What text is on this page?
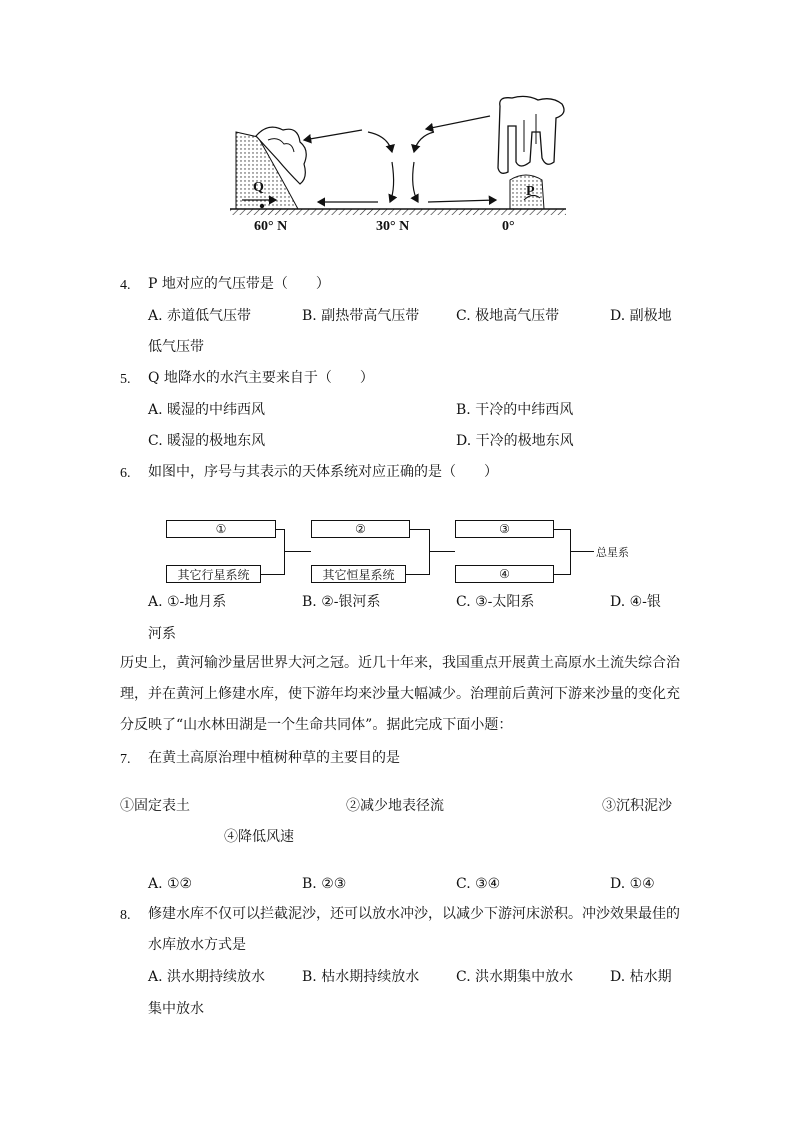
Q	P
60° N	30° N	0°
4. P 地对应的气压带是（　　）
A. 赤道低气压带	B. 副热带高气压带	C. 极地高气压带	D. 副极地
低气压带
5. Q 地降水的水汽主要来自于（　　）
A. 暖湿的中纬西风	B. 干冷的中纬西风
C. 暖湿的极地东风	D. 干冷的极地东风
6. 如图中，序号与其表示的天体系统对应正确的是（　　）
①	②	③
④
其它行星系统	其它恒星系统
总星系
A. ①-地月系	B. ②-银河系	C. ③-太阳系	D. ④-银
河系
历史上，黄河输沙量居世界大河之冠。近几十年来，我国重点开展黄土高原水土流失综合治
理，并在黄河上修建水库，使下游年均来沙量大幅减少。治理前后黄河下游来沙量的变化充
分反映了“山水林田湖是一个生命共同体”。据此完成下面小题：
7. 在黄土高原治理中植树种草的主要目的是
①固定表土	②减少地表径流	③沉积泥沙
④降低风速
A. ①②	B. ②③	C. ③④	D. ①④
8. 修建水库不仅可以拦截泥沙，还可以放水冲沙，以减少下游河床淤积。冲沙效果最佳的
水库放水方式是
A. 洪水期持续放水	B. 枯水期持续放水	C. 洪水期集中放水	D. 枯水期
集中放水
